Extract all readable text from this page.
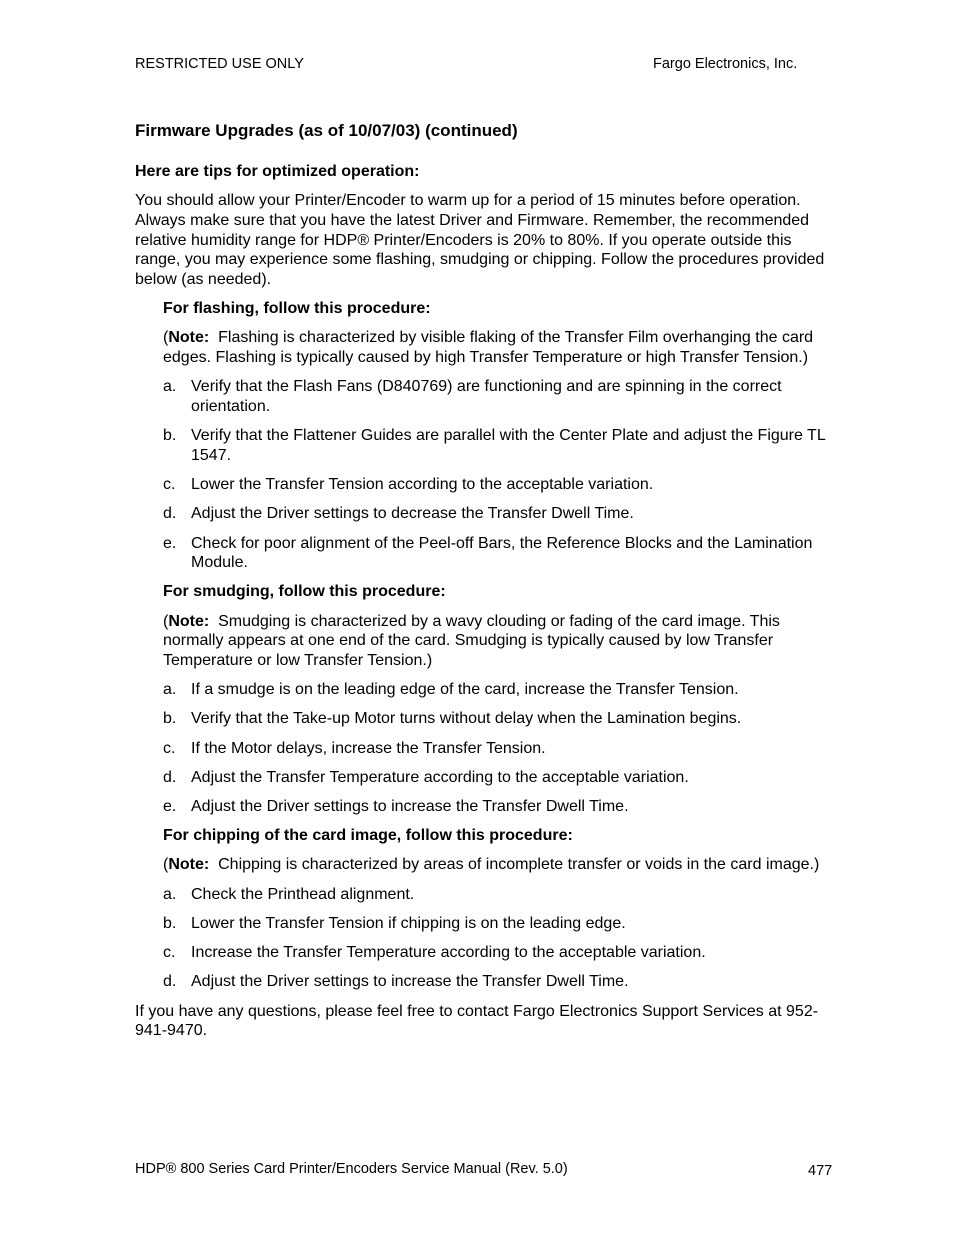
RESTRICTED USE ONLY	Fargo Electronics, Inc.
Firmware Upgrades (as of 10/07/03) (continued)

Here are tips for optimized operation:

You should allow your Printer/Encoder to warm up for a period of 15 minutes before operation. Always make sure that you have the latest Driver and Firmware. Remember, the recommended relative humidity range for HDP® Printer/Encoders is 20% to 80%. If you operate outside this range, you may experience some flashing, smudging or chipping. Follow the procedures provided below (as needed).

For flashing, follow this procedure:

(Note:  Flashing is characterized by visible flaking of the Transfer Film overhanging the card edges. Flashing is typically caused by high Transfer Temperature or high Transfer Tension.)

a. Verify that the Flash Fans (D840769) are functioning and are spinning in the correct orientation.
b. Verify that the Flattener Guides are parallel with the Center Plate and adjust the Figure TL 1547.
c. Lower the Transfer Tension according to the acceptable variation.
d. Adjust the Driver settings to decrease the Transfer Dwell Time.
e. Check for poor alignment of the Peel-off Bars, the Reference Blocks and the Lamination Module.

For smudging, follow this procedure:

(Note:  Smudging is characterized by a wavy clouding or fading of the card image. This normally appears at one end of the card. Smudging is typically caused by low Transfer Temperature or low Transfer Tension.)

a. If a smudge is on the leading edge of the card, increase the Transfer Tension.
b. Verify that the Take-up Motor turns without delay when the Lamination begins.
c. If the Motor delays, increase the Transfer Tension.
d. Adjust the Transfer Temperature according to the acceptable variation.
e. Adjust the Driver settings to increase the Transfer Dwell Time.

For chipping of the card image, follow this procedure:

(Note:  Chipping is characterized by areas of incomplete transfer or voids in the card image.)

a. Check the Printhead alignment.
b. Lower the Transfer Tension if chipping is on the leading edge.
c. Increase the Transfer Temperature according to the acceptable variation.
d. Adjust the Driver settings to increase the Transfer Dwell Time.

If you have any questions, please feel free to contact Fargo Electronics Support Services at 952-941-9470.

HDP® 800 Series Card Printer/Encoders Service Manual (Rev. 5.0)	477
